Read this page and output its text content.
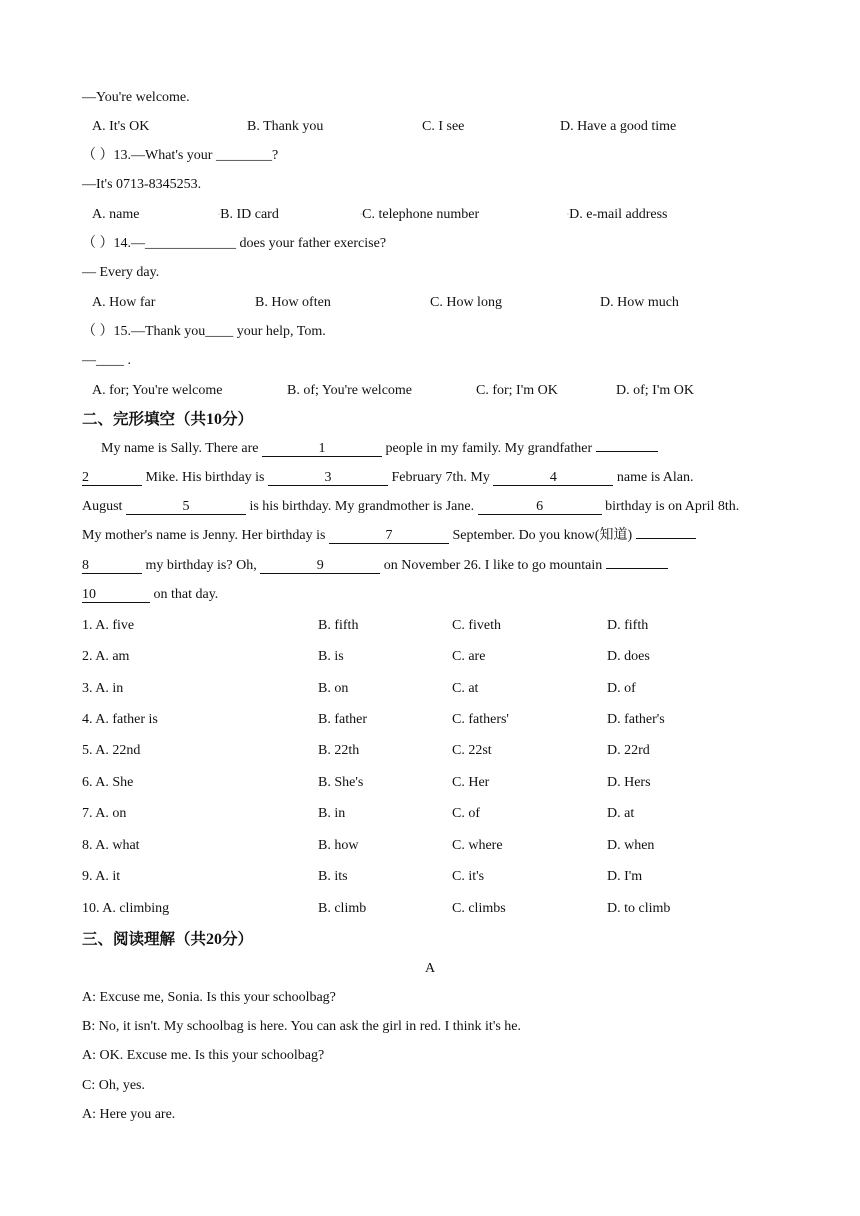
—You're welcome.
A. It's OK	B. Thank you	C. I see	D. Have a good time
（ ）13.—What's your ________?
—It's 0713-8345253.
A. name	◦B. ID card	◦C. telephone number	◦D. e-mail address
（ ）14.—_____________ does your father exercise?
— Every day.
A. How far	B. How often	C. How long	D. How much
（ ）15.—Thank you____ your help, Tom.
—____ .
A. for; You're welcome	B. of; You're welcome	C. for; I'm OK	D. of; I'm OK
二、完形填空（共10分）
My name is Sally. There are	1	people in my family. My grandfather
2	Mike. His birthday is	3	February 7th. My	4	name is Alan.
August	5	is his birthday. My grandmother is Jane.	6	birthday is on April 8th.
My mother's name is Jenny. Her birthday is	7	September. Do you know(知道)
8	my birthday is? Oh,	9	on November 26. I like to go mountain
10	on that day.
1. A. five	B. fifth	C. fiveth	D. fifth
2. A. am	B. is	C. are	D. does
3. A. in	B. on	C. at	D. of
4. A. father is	B. father	C. fathers'	D. father's
5. A. 22nd	B. 22th	C. 22st	D. 22rd
6. A. She	B. She's	C. Her	D. Hers
7. A. on	B. in	C. of	D. at
8. A. what	B. how	C. where	D. when
9. A. it	B. its	C. it's	D. I'm
10. A. climbing	B. climb	C. climbs	D. to climb
三、阅读理解（共20分）
A
A: Excuse me, Sonia. Is this your schoolbag?
B: No, it isn't. My schoolbag is here. You can ask the girl in red. I think it's he.
A: OK. Excuse me. Is this your schoolbag?
C: Oh, yes.
A: Here you are.
